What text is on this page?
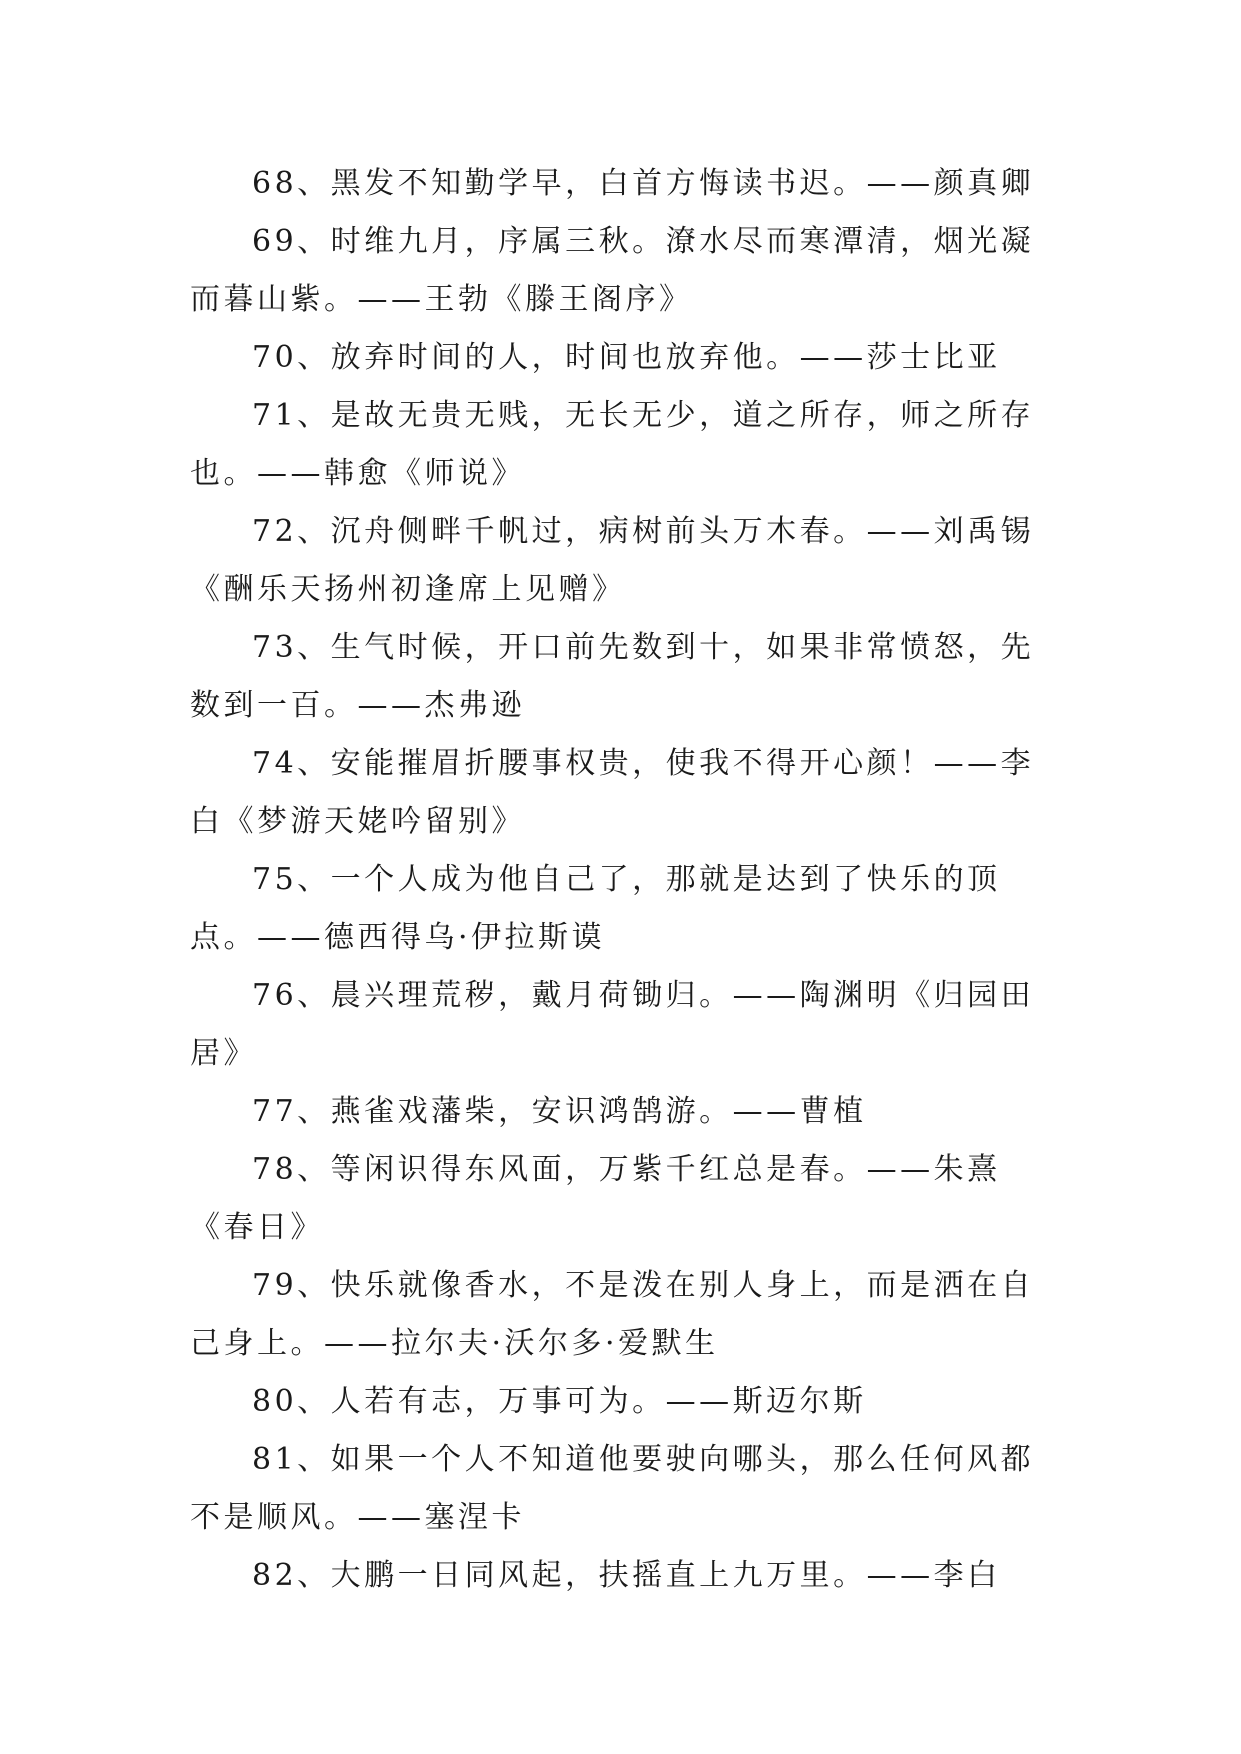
68、黑发不知勤学早，白首方悔读书迟。——颜真卿

69、时维九月，序属三秋。潦水尽而寒潭清，烟光凝而暮山紫。——王勃《滕王阁序》

70、放弃时间的人，时间也放弃他。——莎士比亚

71、是故无贵无贱，无长无少，道之所存，师之所存也。——韩愈《师说》

72、沉舟侧畔千帆过，病树前头万木春。——刘禹锡《酬乐天扬州初逢席上见赠》

73、生气时候，开口前先数到十，如果非常愤怒，先数到一百。——杰弗逊

74、安能摧眉折腰事权贵，使我不得开心颜！——李白《梦游天姥吟留别》

75、一个人成为他自己了，那就是达到了快乐的顶点。——德西得乌·伊拉斯谟

76、晨兴理荒秽，戴月荷锄归。——陶渊明《归园田居》

77、燕雀戏藩柴，安识鸿鹄游。——曹植

78、等闲识得东风面，万紫千红总是春。——朱熹《春日》

79、快乐就像香水，不是泼在别人身上，而是洒在自己身上。——拉尔夫·沃尔多·爱默生

80、人若有志，万事可为。——斯迈尔斯

81、如果一个人不知道他要驶向哪头，那么任何风都不是顺风。——塞涅卡

82、大鹏一日同风起，扶摇直上九万里。——李白
